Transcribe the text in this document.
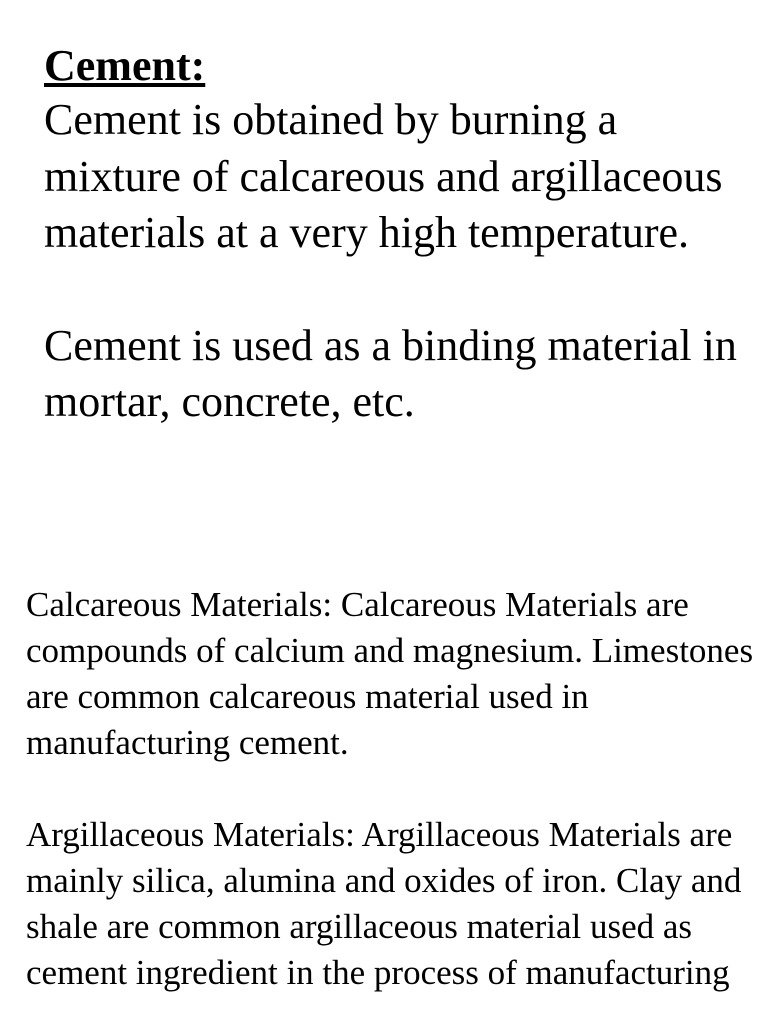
Cement:

Cement is obtained by burning a mixture of calcareous and argillaceous materials at a very high temperature.

Cement is used as a binding material in mortar, concrete, etc.

Calcareous Materials: Calcareous Materials are compounds of calcium and magnesium. Limestones are common calcareous material used in manufacturing cement.

Argillaceous Materials: Argillaceous Materials are mainly silica, alumina and oxides of iron. Clay and shale are common argillaceous material used as cement ingredient in the process of manufacturing
